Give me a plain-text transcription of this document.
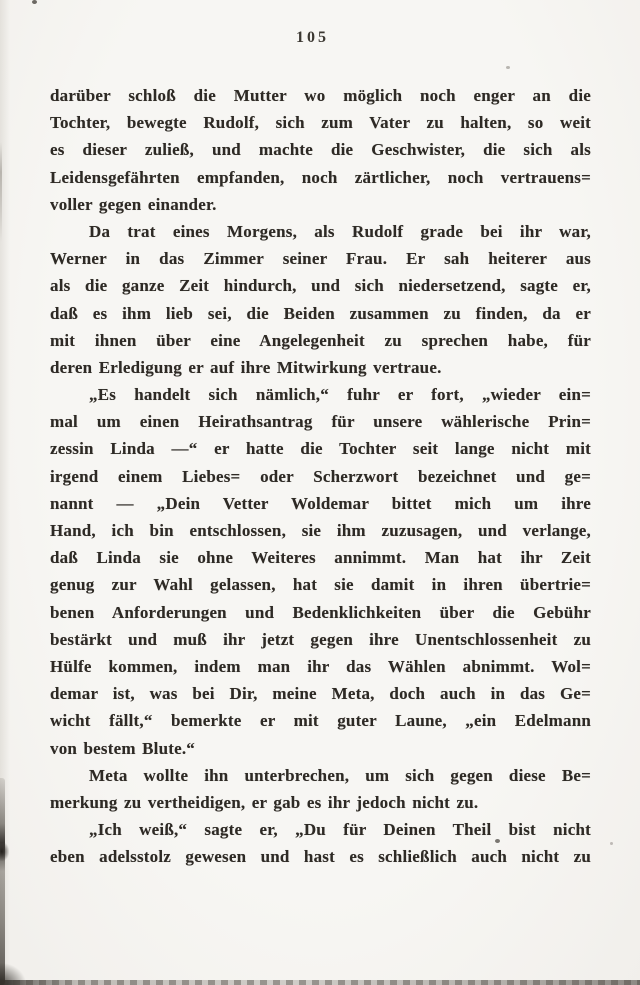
105

darüber schloß die Mutter wo möglich noch enger an die
Tochter, bewegte Rudolf, sich zum Vater zu halten, so weit
es dieser zuließ, und machte die Geschwister, die sich als
Leidensgefährten empfanden, noch zärtlicher, noch vertrauens=
voller gegen einander.

Da trat eines Morgens, als Rudolf grade bei ihr war,
Werner in das Zimmer seiner Frau. Er sah heiterer aus
als die ganze Zeit hindurch, und sich niedersetzend, sagte er,
daß es ihm lieb sei, die Beiden zusammen zu finden, da er
mit ihnen über eine Angelegenheit zu sprechen habe, für
deren Erledigung er auf ihre Mitwirkung vertraue.

„Es handelt sich nämlich,“ fuhr er fort, „wieder ein=
mal um einen Heirathsantrag für unsere wählerische Prin=
zessin Linda —“ er hatte die Tochter seit lange nicht mit
irgend einem Liebes= oder Scherzwort bezeichnet und ge=
nannt — „Dein Vetter Woldemar bittet mich um ihre
Hand, ich bin entschlossen, sie ihm zuzusagen, und verlange,
daß Linda sie ohne Weiteres annimmt. Man hat ihr Zeit
genug zur Wahl gelassen, hat sie damit in ihren übertrie=
benen Anforderungen und Bedenklichkeiten über die Gebühr
bestärkt und muß ihr jetzt gegen ihre Unentschlossenheit zu
Hülfe kommen, indem man ihr das Wählen abnimmt. Wol=
demar ist, was bei Dir, meine Meta, doch auch in das Ge=
wicht fällt,“ bemerkte er mit guter Laune, „ein Edelmann
von bestem Blute.“

Meta wollte ihn unterbrechen, um sich gegen diese Be=
merkung zu vertheidigen, er gab es ihr jedoch nicht zu.
„Ich weiß,“ sagte er, „Du für Deinen Theil bist nicht
eben adelsstolz gewesen und hast es schließlich auch nicht zu
